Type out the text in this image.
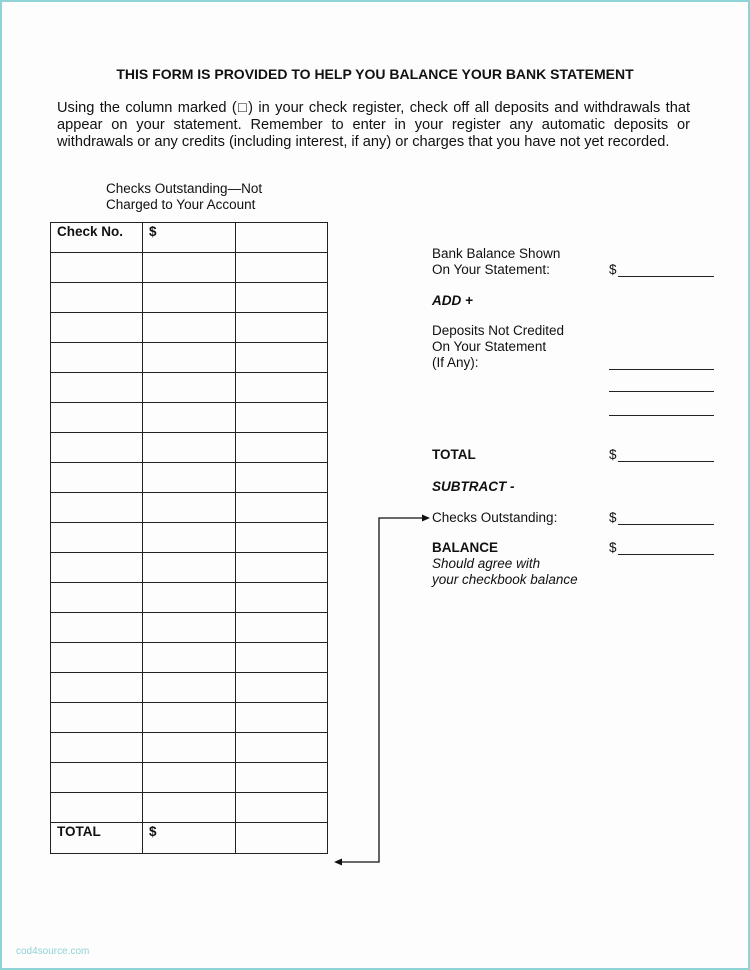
THIS FORM IS PROVIDED TO HELP YOU BALANCE YOUR BANK STATEMENT
Using the column marked (□) in your check register, check off all deposits and withdrawals that appear on your statement. Remember to enter in your register any automatic deposits or withdrawals or any credits (including interest, if any) or charges that you have not yet recorded.
Checks Outstanding—Not
Charged to Your Account
Check No.	$	

TOTAL	$	

Bank Balance Shown
On Your Statement:	$
ADD +
Deposits Not Credited
On Your Statement
(If Any):
TOTAL	$
SUBTRACT -
Checks Outstanding:	$
BALANCE	$
Should agree with
your checkbook balance
cod4source.com
